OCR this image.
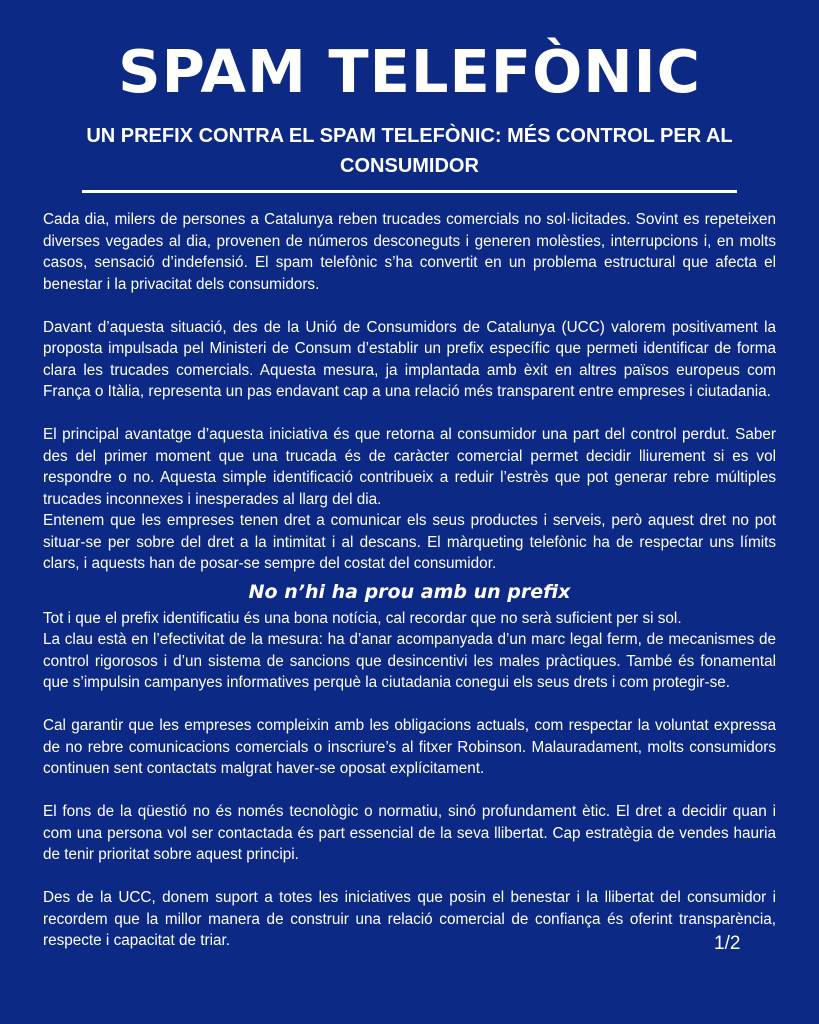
SPAM TELEFÒNIC
UN PREFIX CONTRA EL SPAM TELEFÒNIC: MÉS CONTROL PER AL CONSUMIDOR

Cada dia, milers de persones a Catalunya reben trucades comercials no sol·licitades. Sovint es repeteixen diverses vegades al dia, provenen de números desconeguts i generen molèsties, interrupcions i, en molts casos, sensació d’indefensió. El spam telefònic s’ha convertit en un problema estructural que afecta el benestar i la privacitat dels consumidors.

Davant d’aquesta situació, des de la Unió de Consumidors de Catalunya (UCC) valorem positivament la proposta impulsada pel Ministeri de Consum d’establir un prefix específic que permeti identificar de forma clara les trucades comercials. Aquesta mesura, ja implantada amb èxit en altres països europeus com França o Itàlia, representa un pas endavant cap a una relació més transparent entre empreses i ciutadania.

El principal avantatge d’aquesta iniciativa és que retorna al consumidor una part del control perdut. Saber des del primer moment que una trucada és de caràcter comercial permet decidir lliurement si es vol respondre o no. Aquesta simple identificació contribueix a reduir l’estrès que pot generar rebre múltiples trucades inconnexes i inesperades al llarg del dia.

Entenem que les empreses tenen dret a comunicar els seus productes i serveis, però aquest dret no pot situar-se per sobre del dret a la intimitat i al descans. El màrqueting telefònic ha de respectar uns límits clars, i aquests han de posar-se sempre del costat del consumidor.

No n’hi ha prou amb un prefix

Tot i que el prefix identificatiu és una bona notícia, cal recordar que no serà suficient per si sol.

La clau està en l’efectivitat de la mesura: ha d’anar acompanyada d’un marc legal ferm, de mecanismes de control rigorosos i d’un sistema de sancions que desincentivi les males pràctiques. També és fonamental que s’impulsin campanyes informatives perquè la ciutadania conegui els seus drets i com protegir-se.

Cal garantir que les empreses compleixin amb les obligacions actuals, com respectar la voluntat expressa de no rebre comunicacions comercials o inscriure’s al fitxer Robinson. Malauradament, molts consumidors continuen sent contactats malgrat haver-se oposat explícitament.

El fons de la qüestió no és només tecnològic o normatiu, sinó profundament ètic. El dret a decidir quan i com una persona vol ser contactada és part essencial de la seva llibertat. Cap estratègia de vendes hauria de tenir prioritat sobre aquest principi.

Des de la UCC, donem suport a totes les iniciatives que posin el benestar i la llibertat del consumidor i recordem que la millor manera de construir una relació comercial de confiança és oferint transparència, respecte i capacitat de triar.	1/2
